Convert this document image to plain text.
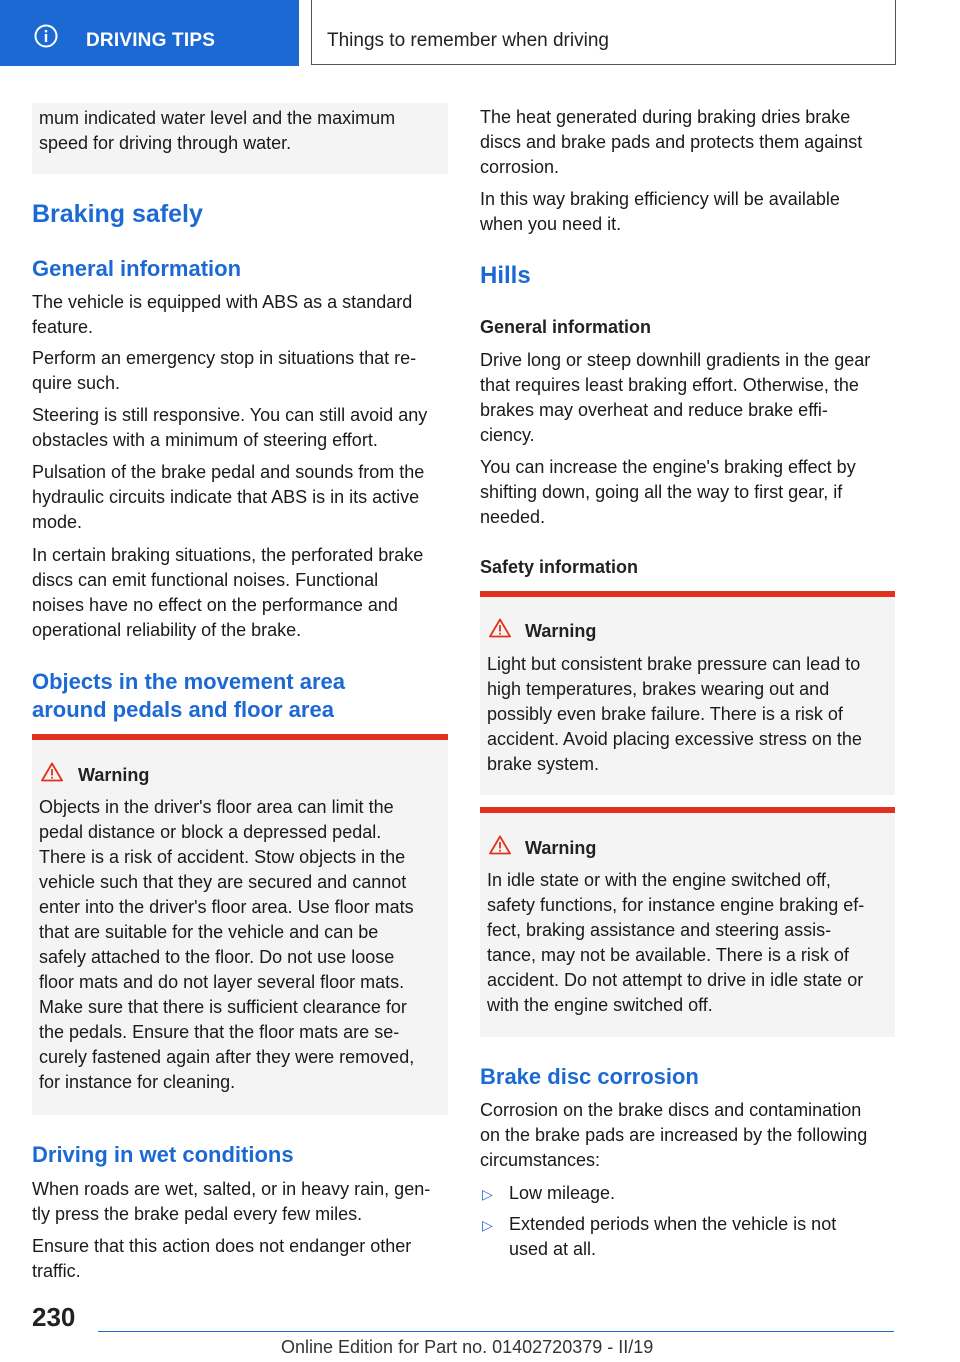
DRIVING TIPS	Things to remember when driving

mum indicated water level and the maximum
speed for driving through water.

Braking safely
General information

The vehicle is equipped with ABS as a standard
feature.

Perform an emergency stop in situations that re‐
quire such.

Steering is still responsive. You can still avoid any
obstacles with a minimum of steering effort.

Pulsation of the brake pedal and sounds from the
hydraulic circuits indicate that ABS is in its active
mode.

In certain braking situations, the perforated brake
discs can emit functional noises. Functional
noises have no effect on the performance and
operational reliability of the brake.

Objects in the movement area
around pedals and floor area
Warning

Objects in the driver's floor area can limit the
pedal distance or block a depressed pedal.
There is a risk of accident. Stow objects in the
vehicle such that they are secured and cannot
enter into the driver's floor area. Use floor mats
that are suitable for the vehicle and can be
safely attached to the floor. Do not use loose
floor mats and do not layer several floor mats.
Make sure that there is sufficient clearance for
the pedals. Ensure that the floor mats are se‐
curely fastened again after they were removed,
for instance for cleaning.

Driving in wet conditions

When roads are wet, salted, or in heavy rain, gen‐
tly press the brake pedal every few miles.

Ensure that this action does not endanger other
traffic.

The heat generated during braking dries brake
discs and brake pads and protects them against
corrosion.

In this way braking efficiency will be available
when you need it.

Hills
General information

Drive long or steep downhill gradients in the gear
that requires least braking effort. Otherwise, the
brakes may overheat and reduce brake effi‐
ciency.

You can increase the engine's braking effect by
shifting down, going all the way to first gear, if
needed.

Safety information
Warning

Light but consistent brake pressure can lead to
high temperatures, brakes wearing out and
possibly even brake failure. There is a risk of
accident. Avoid placing excessive stress on the
brake system.

Warning

In idle state or with the engine switched off,
safety functions, for instance engine braking ef‐
fect, braking assistance and steering assis‐
tance, may not be available. There is a risk of
accident. Do not attempt to drive in idle state or
with the engine switched off.

Brake disc corrosion

Corrosion on the brake discs and contamination
on the brake pads are increased by the following
circumstances:

▷ Low mileage.

▷ Extended periods when the vehicle is not
used at all.

230
Online Edition for Part no. 01402720379 - II/19
